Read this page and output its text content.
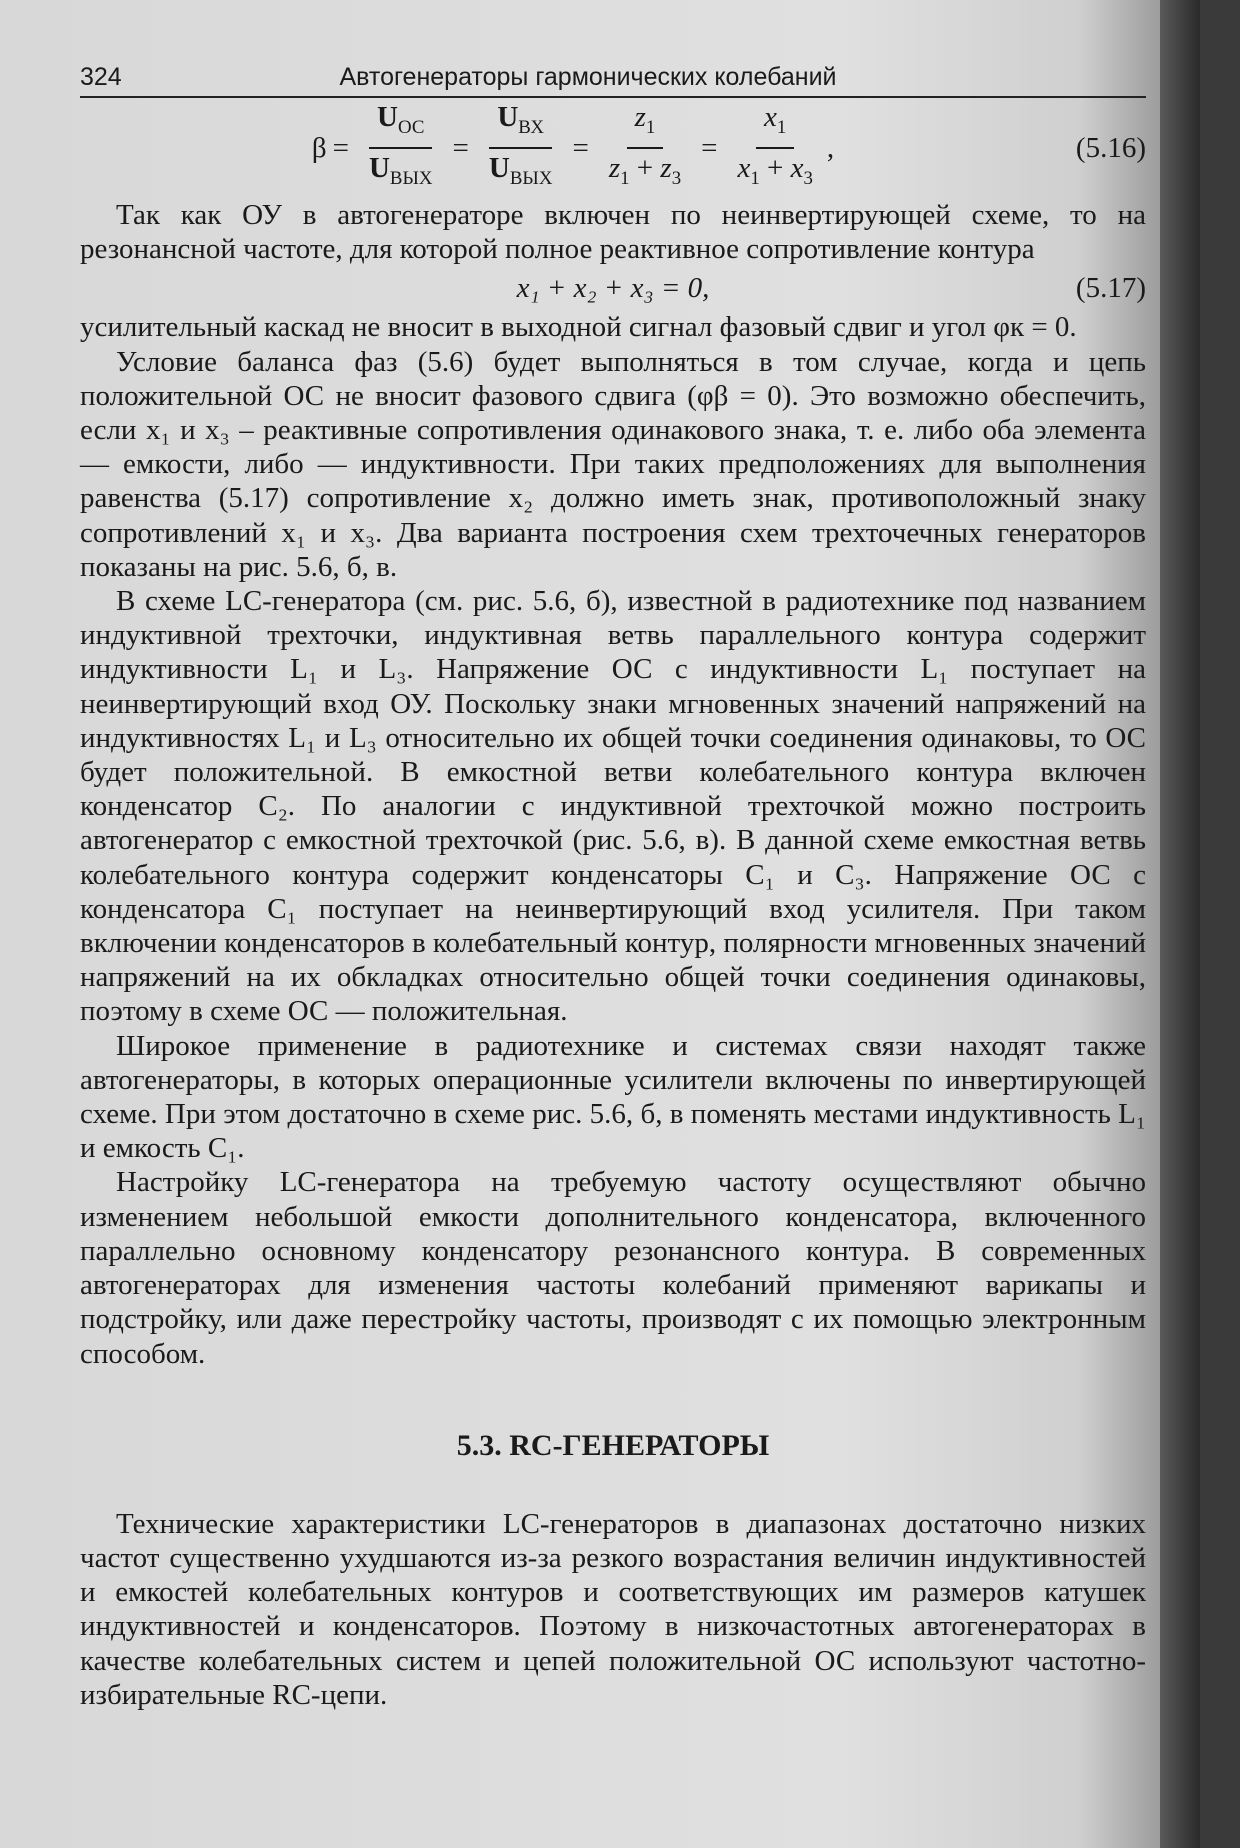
324	Автогенераторы гармонических колебаний
$\beta = \frac{U_{ОС}}{U_{ВЫХ}} = \frac{U_{ВХ}}{U_{ВЫХ}} = \frac{z_1}{z_1 + z_3} = \frac{x_1}{x_1 + x_3}$ ,	(5.16)

Так как ОУ в автогенераторе включен по неинвертирующей схеме, то на резонансной частоте, для которой полное реактивное сопротивление контура

x₁ + x₂ + x₃ = 0,	(5.17)

усилительный каскад не вносит в выходной сигнал фазовый сдвиг и угол φк = 0.

Условие баланса фаз (5.6) будет выполняться в том случае, когда и цепь положительной ОС не вносит фазового сдвига (φβ = 0). Это возможно обеспечить, если x₁ и x₃ – реактивные сопротивления одинакового знака, т. е. либо оба элемента — емкости, либо — индуктивности. При таких предположениях для выполнения равенства (5.17) сопротивление x₂ должно иметь знак, противоположный знаку сопротивлений x₁ и x₃. Два варианта построения схем трехточечных генераторов показаны на рис. 5.6, б, в.

В схеме LC-генератора (см. рис. 5.6, б), известной в радиотехнике под названием индуктивной трехточки, индуктивная ветвь параллельного контура содержит индуктивности L₁ и L₃. Напряжение ОС с индуктивности L₁ поступает на неинвертирующий вход ОУ. Поскольку знаки мгновенных значений напряжений на индуктивностях L₁ и L₃ относительно их общей точки соединения одинаковы, то ОС будет положительной. В емкостной ветви колебательного контура включен конденсатор C₂. По аналогии с индуктивной трехточкой можно построить автогенератор с емкостной трехточкой (рис. 5.6, в). В данной схеме емкостная ветвь колебательного контура содержит конденсаторы C₁ и C₃. Напряжение ОС с конденсатора C₁ поступает на неинвертирующий вход усилителя. При таком включении конденсаторов в колебательный контур, полярности мгновенных значений напряжений на их обкладках относительно общей точки соединения одинаковы, поэтому в схеме ОС — положительная.

Широкое применение в радиотехнике и системах связи находят также автогенераторы, в которых операционные усилители включены по инвертирующей схеме. При этом достаточно в схеме рис. 5.6, б, в поменять местами индуктивность L₁ и емкость C₁.

Настройку LC-генератора на требуемую частоту осуществляют обычно изменением небольшой емкости дополнительного конденсатора, включенного параллельно основному конденсатору резонансного контура. В современных автогенераторах для изменения частоты колебаний применяют варикапы и подстройку, или даже перестройку частоты, производят с их помощью электронным способом.

5.3. RC-ГЕНЕРАТОРЫ

Технические характеристики LC-генераторов в диапазонах достаточно низких частот существенно ухудшаются из-за резкого возрастания величин индуктивностей и емкостей колебательных контуров и соответствующих им размеров катушек индуктивностей и конденсаторов. Поэтому в низкочастотных автогенераторах в качестве колебательных систем и цепей положительной ОС используют частотно-избирательные RC-цепи.
